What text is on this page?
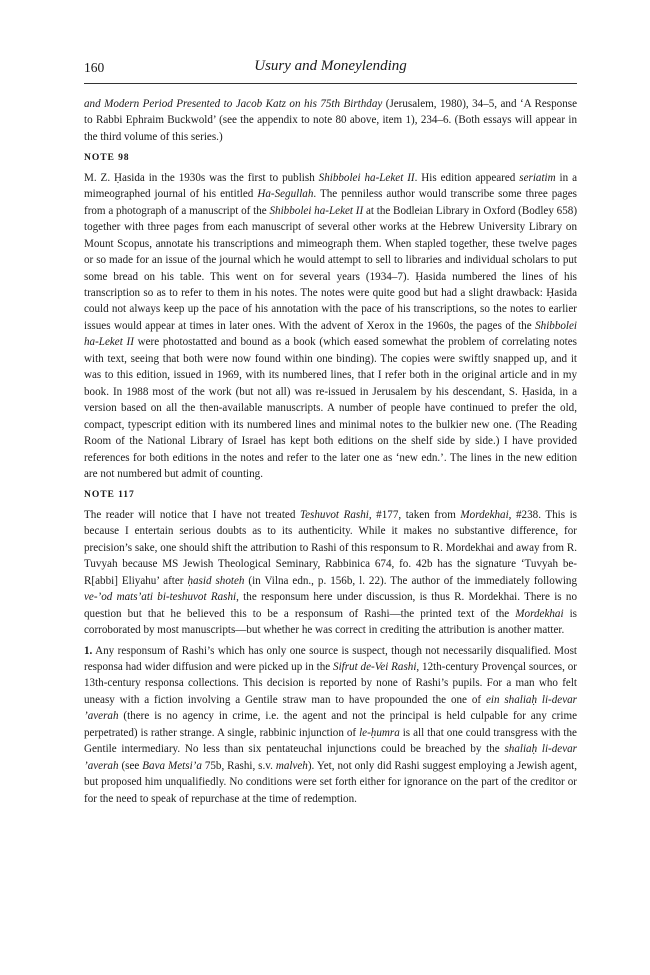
160	Usury and Moneylending

and Modern Period Presented to Jacob Katz on his 75th Birthday (Jerusalem, 1980), 34–5, and ‘A Response to Rabbi Ephraim Buckwold’ (see the appendix to note 80 above, item 1), 234–6. (Both essays will appear in the third volume of this series.)

NOTE 98

M. Z. Ḥasida in the 1930s was the first to publish Shibbolei ha-Leket II. His edition appeared seriatim in a mimeographed journal of his entitled Ha-Segullah. The penniless author would transcribe some three pages from a photograph of a manuscript of the Shibbolei ha-Leket II at the Bodleian Library in Oxford (Bodley 658) together with three pages from each manuscript of several other works at the Hebrew University Library on Mount Scopus, annotate his transcriptions and mimeograph them. When stapled together, these twelve pages or so made for an issue of the journal which he would attempt to sell to libraries and individual scholars to put some bread on his table. This went on for several years (1934–7). Ḥasida numbered the lines of his transcription so as to refer to them in his notes. The notes were quite good but had a slight drawback: Ḥasida could not always keep up the pace of his annotation with the pace of his transcriptions, so the notes to earlier issues would appear at times in later ones. With the advent of Xerox in the 1960s, the pages of the Shibbolei ha-Leket II were photostatted and bound as a book (which eased somewhat the problem of correlating notes with text, seeing that both were now found within one binding). The copies were swiftly snapped up, and it was to this edition, issued in 1969, with its numbered lines, that I refer both in the original article and in my book. In 1988 most of the work (but not all) was re-issued in Jerusalem by his descendant, S. Ḥasida, in a version based on all the then-available manuscripts. A number of people have continued to prefer the old, compact, typescript edition with its numbered lines and minimal notes to the bulkier new one. (The Reading Room of the National Library of Israel has kept both editions on the shelf side by side.) I have provided references for both editions in the notes and refer to the later one as ‘new edn.’. The lines in the new edition are not numbered but admit of counting.

NOTE 117

The reader will notice that I have not treated Teshuvot Rashi, #177, taken from Mordekhai, #238. This is because I entertain serious doubts as to its authenticity. While it makes no substantive difference, for precision’s sake, one should shift the attribution to Rashi of this responsum to R. Mordekhai and away from R. Tuvyah because MS Jewish Theological Seminary, Rabbinica 674, fo. 42b has the signature ‘Tuvyah be-R[abbi] Eliyahu’ after ḥasid shoteh (in Vilna edn., p. 156b, l. 22). The author of the immediately following ve-’od mats’ati bi-teshuvot Rashi, the responsum here under discussion, is thus R. Mordekhai. There is no question but that he believed this to be a responsum of Rashi—the printed text of the Mordekhai is corroborated by most manuscripts—but whether he was correct in crediting the attribution is another matter.

1. Any responsum of Rashi’s which has only one source is suspect, though not necessarily disqualified. Most responsa had wider diffusion and were picked up in the Sifrut de-Vei Rashi, 12th-century Provençal sources, or 13th-century responsa collections. This decision is reported by none of Rashi’s pupils. For a man who felt uneasy with a fiction involving a Gentile straw man to have propounded the one of ein shaliaḥ li-devar ’averah (there is no agency in crime, i.e. the agent and not the principal is held culpable for any crime perpetrated) is rather strange. A single, rabbinic injunction of le-ḥumra is all that one could transgress with the Gentile intermediary. No less than six pentateuchal injunctions could be breached by the shaliaḥ li-devar ’averah (see Bava Metsi’a 75b, Rashi, s.v. malveh). Yet, not only did Rashi suggest employing a Jewish agent, but proposed him unqualifiedly. No conditions were set forth either for ignorance on the part of the creditor or for the need to speak of repurchase at the time of redemption.
